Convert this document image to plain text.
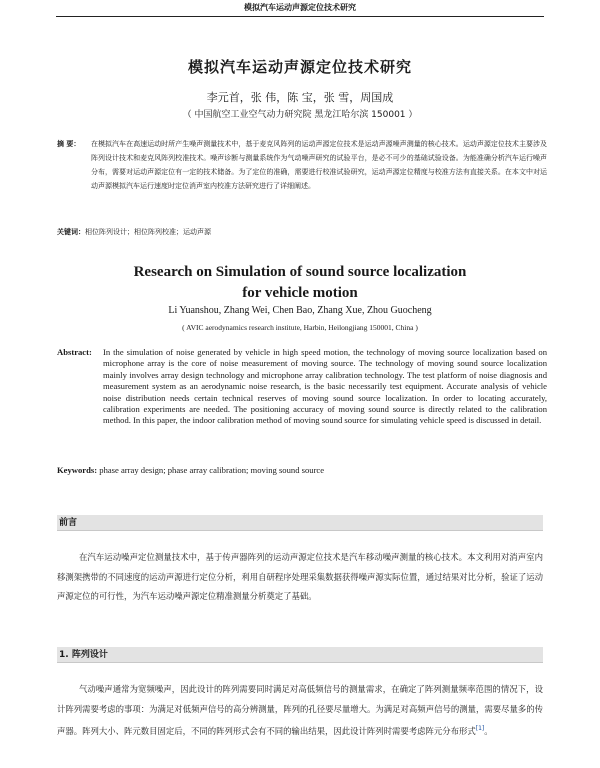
模拟汽车运动声源定位技术研究
模拟汽车运动声源定位技术研究
李元首，张 伟，陈 宝，张 雪，周国成
（ 中国航空工业空气动力研究院 黑龙江哈尔滨 150001 ）
摘 要：	在模拟汽车在高速运动时所产生噪声测量技术中，基于麦克风阵列的运动声源定位技术是运动声源噪声测量的核心技术。运动声源定位技术主要涉及阵列设计技术和麦克风阵列校准技术。噪声诊断与测量系统作为气动噪声研究的试验平台，是必不可少的基础试验设备。为能准确分析汽车运行噪声分布，需要对运动声源定位有一定的技术储备。为了定位的准确，需要进行校准试验研究，运动声源定位精度与校准方法有直接关系。在本文中对运动声源模拟汽车运行速度时定位消声室内校准方法研究进行了详细阐述。
关键词：相位阵列设计；相位阵列校准；运动声源
Research on Simulation of sound source localization
for vehicle motion
Li Yuanshou, Zhang Wei, Chen Bao, Zhang Xue, Zhou Guocheng
( AVIC aerodynamics research institute, Harbin, Heilongjiang 150001, China )
Abstract: In the simulation of noise generated by vehicle in high speed motion, the technology of moving source localization based on microphone array is the core of noise measurement of moving source. The technology of moving sound source localization mainly involves array design technology and microphone array calibration technology. The test platform of noise diagnosis and measurement system as an aerodynamic noise research, is the basic necessarily test equipment. Accurate analysis of vehicle noise distribution needs certain technical reserves of moving sound source localization. In order to locating accurately, calibration experiments are needed. The positioning accuracy of moving sound source is directly related to the calibration method. In this paper, the indoor calibration method of moving sound source for simulating vehicle speed is discussed in detail.
Keywords: phase array design; phase array calibration; moving sound source
前言
在汽车运动噪声定位测量技术中，基于传声器阵列的运动声源定位技术是汽车移动噪声测量的核心技术。本文利用对消声室内移测架携带的不同速度的运动声源进行定位分析，利用自研程序处理采集数据获得噪声源实际位置，通过结果对比分析，验证了运动声源定位的可行性，为汽车运动噪声源定位精准测量分析奠定了基础。
1. 阵列设计
气动噪声通常为宽频噪声，因此设计的阵列需要同时满足对高低频信号的测量需求，在确定了阵列测量频率范围的情况下，设计阵列需要考虑的事项：为满足对低频声信号的高分辨测量，阵列的孔径要尽量增大。为满足对高频声信号的测量，需要尽量多的传声器。阵列大小、阵元数目固定后，不同的阵列形式会有不同的输出结果，因此设计阵列时需要考虑阵元分布形式[1]。
